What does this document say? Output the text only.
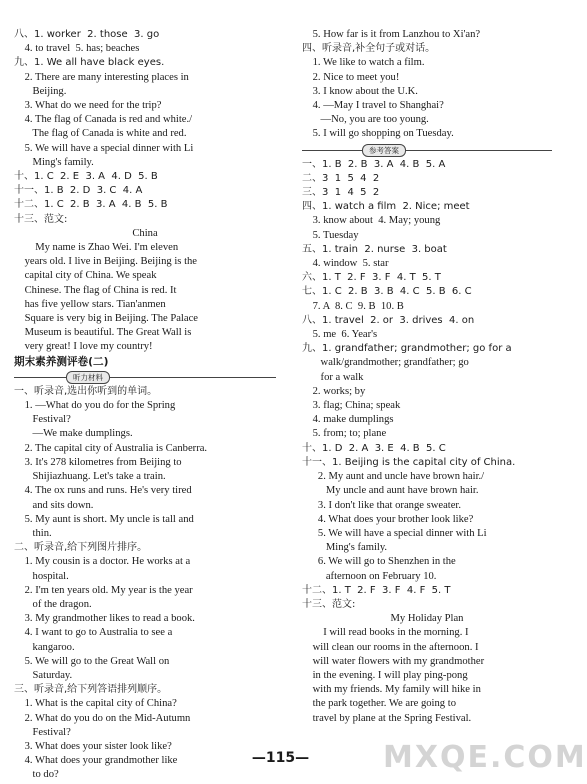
八、1. worker  2. those  3. go
4. to travel  5. has; beaches
九、1. We all have black eyes.
2. There are many interesting places in
Beijing.
3. What do we need for the trip?
4. The flag of Canada is red and white./
The flag of Canada is white and red.
5. We will have a special dinner with Li
Ming's family.
十、1. C  2. E  3. A  4. D  5. B
十一、1. B  2. D  3. C  4. A
十二、1. C  2. B  3. A  4. B  5. B
十三、范文:
China
My name is Zhao Wei. I'm eleven
years old. I live in Beijing. Beijing is the
capital city of China. We speak
Chinese. The flag of China is red. It
has five yellow stars. Tian'anmen
Square is very big in Beijing. The Palace
Museum is beautiful. The Great Wall is
very great! I love my country!
期末素养测评卷(二)
听力材料
一、听录音,选出你听到的单词。
1. —What do you do for the Spring
Festival?
—We make dumplings.
2. The capital city of Australia is Canberra.
3. It's 278 kilometres from Beijing to
Shijiazhuang. Let's take a train.
4. The ox runs and runs. He's very tired
and sits down.
5. My aunt is short. My uncle is tall and
thin.
二、听录音,给下列图片排序。
1. My cousin is a doctor. He works at a
hospital.
2. I'm ten years old. My year is the year
of the dragon.
3. My grandmother likes to read a book.
4. I want to go to Australia to see a
kangaroo.
5. We will go to the Great Wall on
Saturday.
三、听录音,给下列答语排列顺序。
1. What is the capital city of China?
2. What do you do on the Mid-Autumn
Festival?
3. What does your sister look like?
4. What does your grandmother like
to do?
5. How far is it from Lanzhou to Xi'an?
四、听录音,补全句子或对话。
1. We like to watch a film.
2. Nice to meet you!
3. I know about the U.K.
4. —May I travel to Shanghai?
—No, you are too young.
5. I will go shopping on Tuesday.
参考答案
一、1. B  2. B  3. A  4. B  5. A
二、3  1  5  4  2
三、3  1  4  5  2
四、1. watch a film  2. Nice; meet
3. know about  4. May; young
5. Tuesday
五、1. train  2. nurse  3. boat
4. window  5. star
六、1. T  2. F  3. F  4. T  5. T
七、1. C  2. B  3. B  4. C  5. B  6. C
7. A  8. C  9. B  10. B
八、1. travel  2. or  3. drives  4. on
5. me  6. Year's
九、1. grandfather; grandmother; go for a
walk/grandmother; grandfather; go
for a walk
2. works; by
3. flag; China; speak
4. make dumplings
5. from; to; plane
十、1. D  2. A  3. E  4. B  5. C
十一、1. Beijing is the capital city of China.
2. My aunt and uncle have brown hair./
My uncle and aunt have brown hair.
3. I don't like that orange sweater.
4. What does your brother look like?
5. We will have a special dinner with Li
Ming's family.
6. We will go to Shenzhen in the
afternoon on February 10.
十二、1. T  2. F  3. F  4. F  5. T
十三、范文:
My Holiday Plan
I will read books in the morning. I
will clean our rooms in the afternoon. I
will water flowers with my grandmother
in the evening. I will play ping-pong
with my friends. My family will hike in
the park together. We are going to
travel by plane at the Spring Festival.
—115—	MXQE.COM
